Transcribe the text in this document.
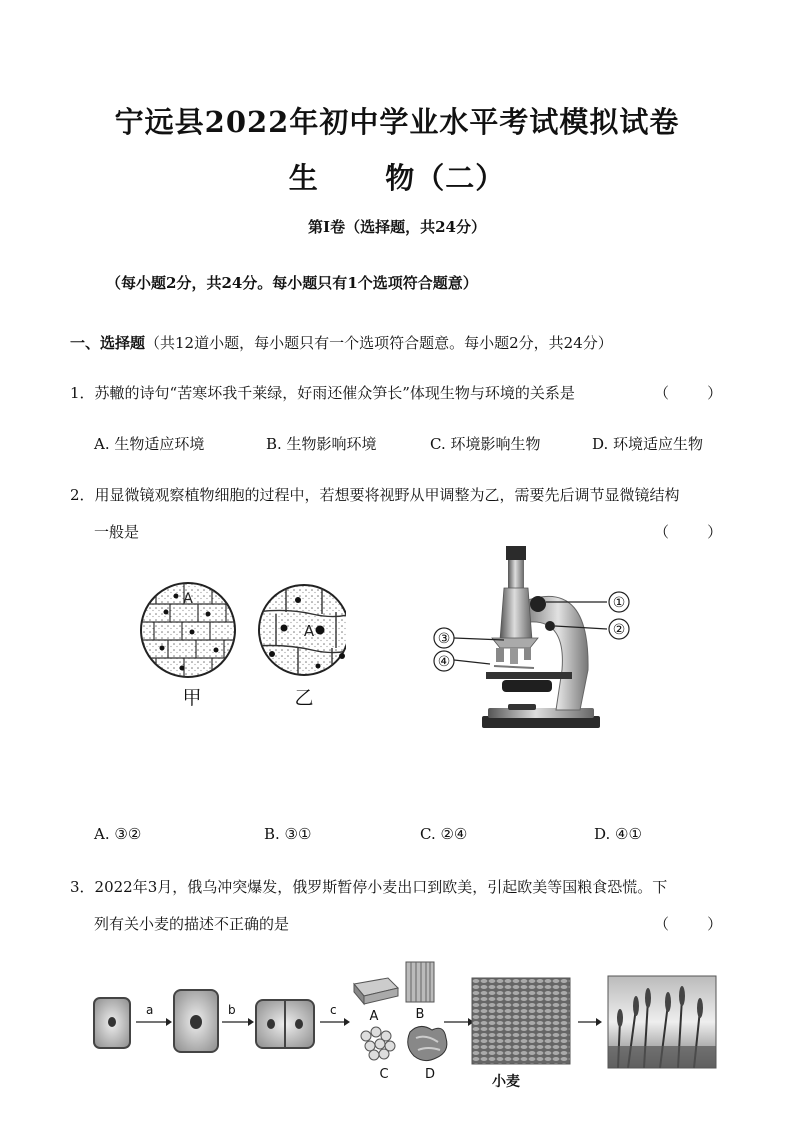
宁远县2022年初中学业水平考试模拟试卷
生      物（二）
第Ⅰ卷（选择题，共24分）
（每小题2分，共24分。每小题只有1个选项符合题意）
一、选择题（共12道小题，每小题只有一个选项符合题意。每小题2分，共24分）
1．苏轍的诗句“苦寒坏我千莱绿，好雨还催众笋长”体现生物与环境的关系是	（        ）
A. 生物适应环境	B. 生物影响环境	C. 环境影响生物	D. 环境适应生物
2．用显微镜观察植物细胞的过程中，若想要将视野从甲调整为乙，需要先后调节显微镜结构
一般是	（        ）
A
A
甲	乙
①
②
③
④
A. ③②	B. ③①	C. ②④	D. ④①
3．2022年3月，俄乌冲突爆发，俄罗斯暂停小麦出口到欧美，引起欧美等国粮食恐慌。下
列有关小麦的描述不正确的是	（        ）
a	b	c	A	B
C	D	小麦
